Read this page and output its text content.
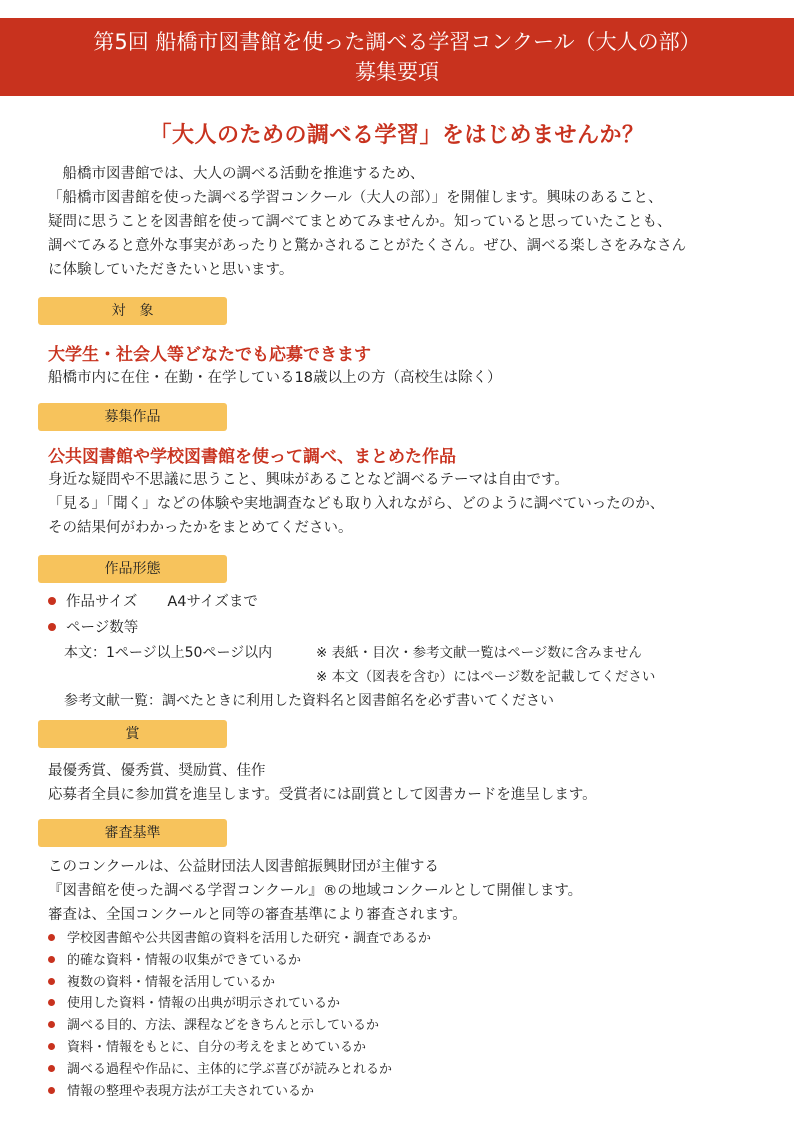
第5回 船橋市図書館を使った調べる学習コンクール（大人の部）
募集要項
「大人のための調べる学習」をはじめませんか？
　船橋市図書館では、大人の調べる活動を推進するため、
「船橋市図書館を使った調べる学習コンクール（大人の部）」を開催します。興味のあること、
疑問に思うことを図書館を使って調べてまとめてみませんか。知っていると思っていたことも、
調べてみると意外な事実があったりと驚かされることがたくさん。ぜひ、調べる楽しさをみなさん
に体験していただきたいと思います。
対　象
大学生・社会人等どなたでも応募できます
船橋市内に在住・在勤・在学している18歳以上の方（高校生は除く）
募集作品
公共図書館や学校図書館を使って調べ、まとめた作品
身近な疑問や不思議に思うこと、興味があることなど調べるテーマは自由です。
「見る」「聞く」などの体験や実地調査なども取り入れながら、どのように調べていったのか、
その結果何がわかったかをまとめてください。
作品形態
作品サイズ A4サイズまで
ページ数等
本文：1ページ以上50ページ以内	※ 表紙・目次・参考文献一覧はページ数に含みません
※ 本文（図表を含む）にはページ数を記載してください
参考文献一覧：調べたときに利用した資料名と図書館名を必ず書いてください
賞
最優秀賞、優秀賞、奨励賞、佳作
応募者全員に参加賞を進呈します。受賞者には副賞として図書カードを進呈します。
審査基準
このコンクールは、公益財団法人図書館振興財団が主催する
『図書館を使った調べる学習コンクール』®の地域コンクールとして開催します。
審査は、全国コンクールと同等の審査基準により審査されます。
学校図書館や公共図書館の資料を活用した研究・調査であるか
的確な資料・情報の収集ができているか
複数の資料・情報を活用しているか
使用した資料・情報の出典が明示されているか
調べる目的、方法、課程などをきちんと示しているか
資料・情報をもとに、自分の考えをまとめているか
調べる過程や作品に、主体的に学ぶ喜びが読みとれるか
情報の整理や表現方法が工夫されているか
